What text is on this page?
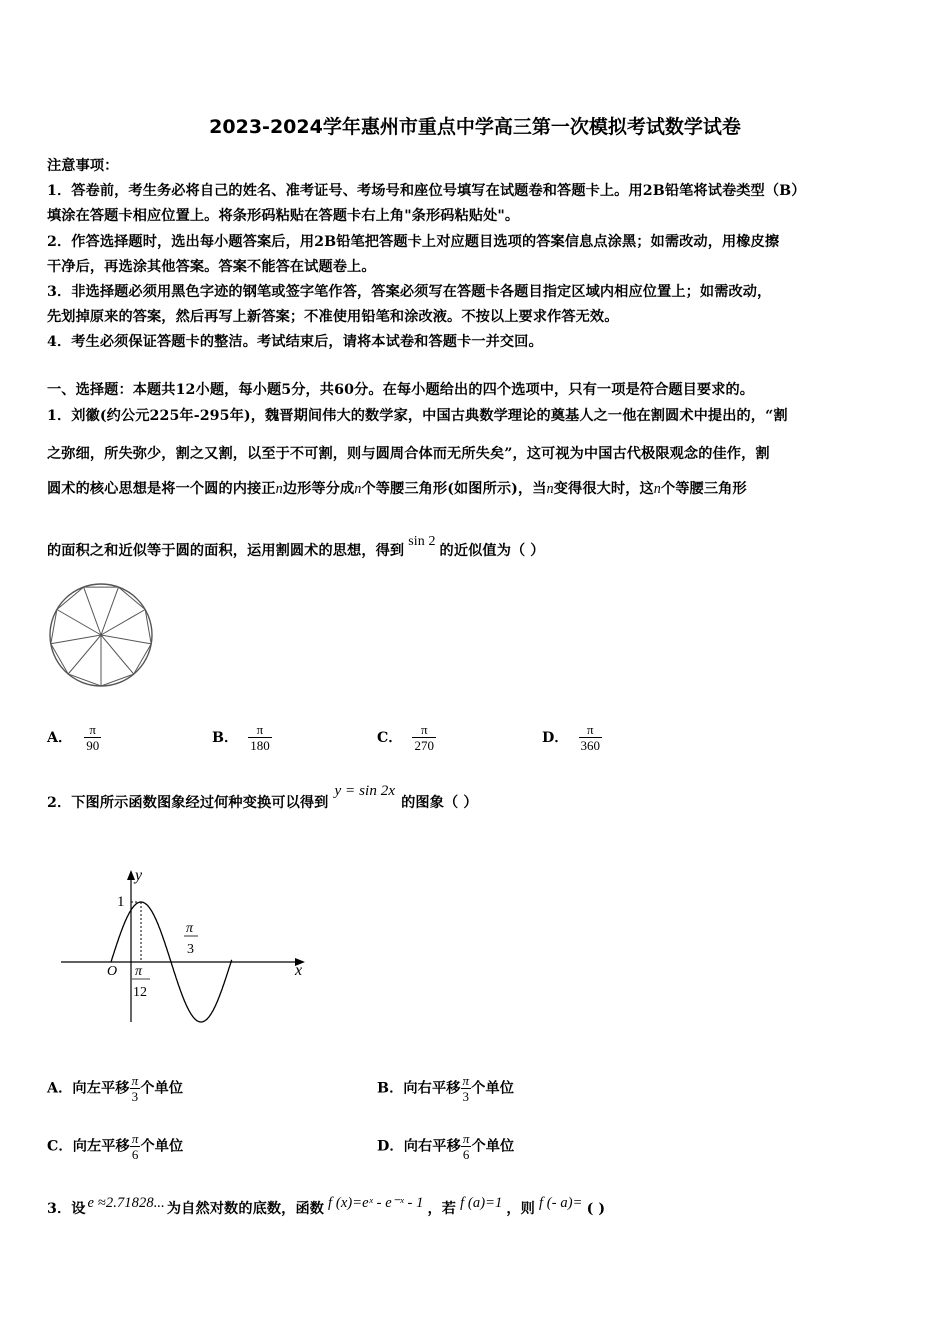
2023-2024学年惠州市重点中学高三第一次模拟考试数学试卷
注意事项：
1．答卷前，考生务必将自己的姓名、准考证号、考场号和座位号填写在试题卷和答题卡上。用2B铅笔将试卷类型（B）
填涂在答题卡相应位置上。将条形码粘贴在答题卡右上角"条形码粘贴处"。
2．作答选择题时，选出每小题答案后，用2B铅笔把答题卡上对应题目选项的答案信息点涂黑；如需改动，用橡皮擦
干净后，再选涂其他答案。答案不能答在试题卷上。
3．非选择题必须用黑色字迹的钢笔或签字笔作答，答案必须写在答题卡各题目指定区域内相应位置上；如需改动，
先划掉原来的答案，然后再写上新答案；不准使用铅笔和涂改液。不按以上要求作答无效。
4．考生必须保证答题卡的整洁。考试结束后，请将本试卷和答题卡一并交回。
一、选择题：本题共12小题，每小题5分，共60分。在每小题给出的四个选项中，只有一项是符合题目要求的。
1．刘徽(约公元225年-295年)，魏晋期间伟大的数学家，中国古典数学理论的奠基人之一他在割圆术中提出的，“割
之弥细，所失弥少，割之又割，以至于不可割，则与圆周合体而无所失矣”，这可视为中国古代极限观念的佳作，割
圆术的核心思想是将一个圆的内接正n边形等分成n个等腰三角形(如图所示)，当n变得很大时，这n个等腰三角形
的面积之和近似等于圆的面积，运用割圆术的思想，得到sin 2的近似值为（ ）
A． $\frac{\pi}{90}$	B． $\frac{\pi}{180}$	C． $\frac{\pi}{270}$	D． $\frac{\pi}{360}$
2．下图所示函数图象经过何种变换可以得到y = sin 2x的图象（ ）
y
x
O
1
π
12
π
3
A．向左平移 $\frac{\pi}{3}$ 个单位	B．向右平移 $\frac{\pi}{3}$ 个单位
C．向左平移 $\frac{\pi}{6}$ 个单位	D．向右平移 $\frac{\pi}{6}$ 个单位
3．设 e ≈2.71828... 为自然对数的底数，函数 f (x)=eˣ - e⁻ˣ - 1 ，若 f (a)=1 ，则 f (- a)= ( )
